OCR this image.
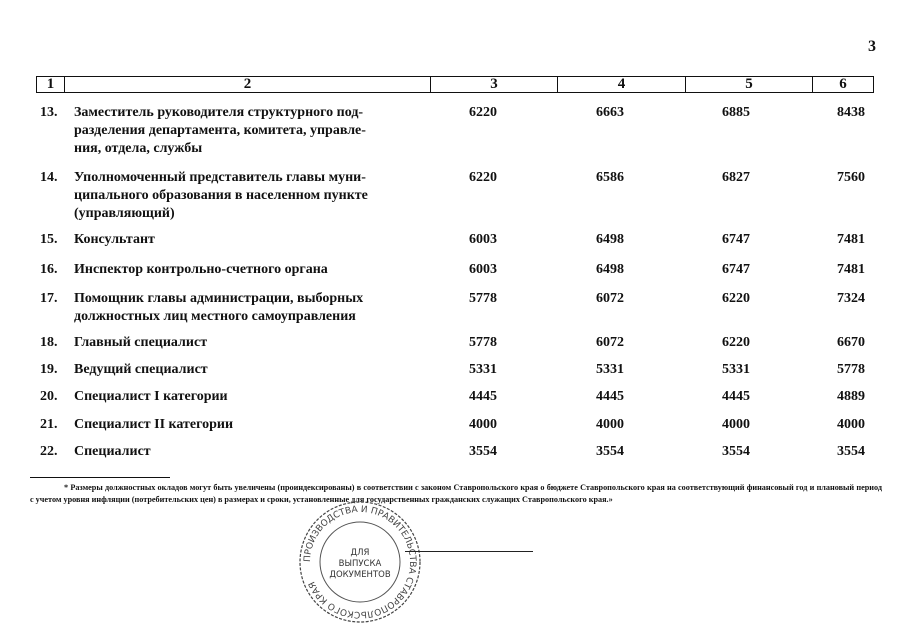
3
1	2	3	4	5	6
13.	Заместитель руководителя структурного под-
разделения департамента, комитета, управле-
ния, отдела, службы
6220	6663	6885	8438
14.	Уполномоченный представитель главы муни-
ципального образования в населенном пункте
(управляющий)
6220	6586	6827	7560
15.	Консультант	6003	6498	6747	7481
16.	Инспектор контрольно-счетного органа	6003	6498	6747	7481
17.	Помощник главы администрации, выборных
должностных лиц местного самоуправления
5778	6072	6220	7324
18.	Главный специалист	5778	6072	6220	6670
19.	Ведущий специалист	5331	5331	5331	5778
20.	Специалист I категории	4445	4445	4445	4889
21.	Специалист II категории	4000	4000	4000	4000
22.	Специалист	3554	3554	3554	3554
* Размеры должностных окладов могут быть увеличены (проиндексированы) в соответствии с законом Ставропольского края о бюджете Ставропольского края на соответствующий финансовый год и плановый период с учетом уровня инфляции (потребительских цен) в размерах и сроки, установленные для государственных гражданских служащих Ставропольского края.»
ПРОИЗВОДСТВА И ПРАВИТЕЛЬСТВА СТАВРОПОЛЬСКОГО КРАЯ
ДЛЯ
ВЫПУСКА
ДОКУМЕНТОВ
